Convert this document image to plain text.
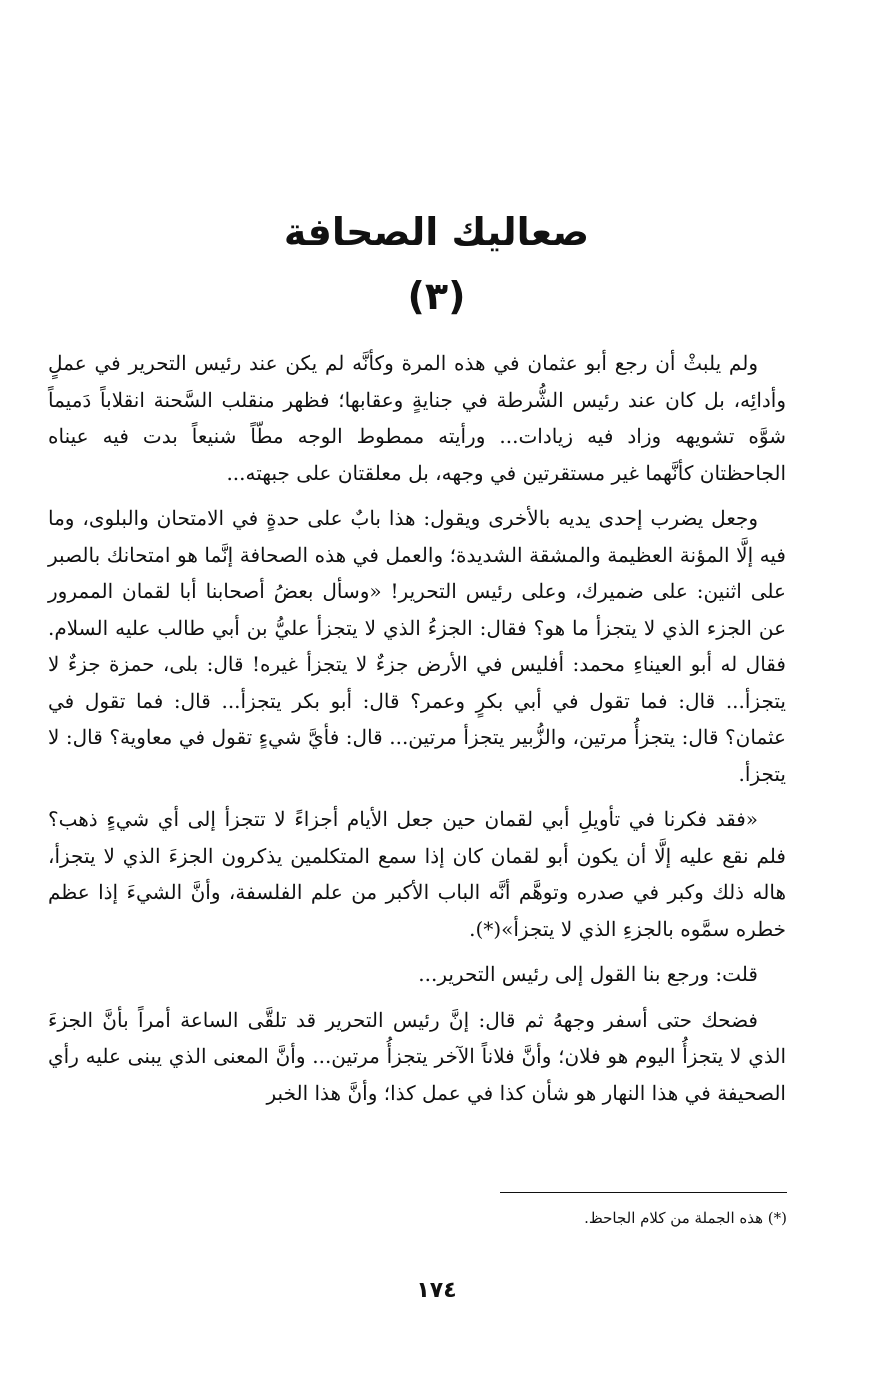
صعاليك الصحافة
(٣)

ولم يلبثْ أن رجع أبو عثمان في هذه المرة وكأنَّه لم يكن عند رئيس التحرير في عملٍ وأدائِه، بل كان عند رئيس الشُّرطة في جنايةٍ وعقابها؛ فظهر منقلب السَّحنة انقلاباً دَميماً شوَّه تشويهه وزاد فيه زيادات... ورأيته ممطوط الوجه مطّاً شنيعاً بدت فيه عيناه الجاحظتان كأنَّهما غير مستقرتين في وجهه، بل معلقتان على جبهته...

وجعل يضرب إحدى يديه بالأخرى ويقول: هذا بابٌ على حدةٍ في الامتحان والبلوى، وما فيه إلَّا المؤنة العظيمة والمشقة الشديدة؛ والعمل في هذه الصحافة إنَّما هو امتحانك بالصبر على اثنين: على ضميرك، وعلى رئيس التحرير! «وسأل بعضُ أصحابنا أبا لقمان الممرور عن الجزء الذي لا يتجزأ ما هو؟ فقال: الجزءُ الذي لا يتجزأ عليُّ بن أبي طالب عليه السلام. فقال له أبو العيناءِ محمد: أفليس في الأرض جزءٌ لا يتجزأ غيره! قال: بلى، حمزة جزءٌ لا يتجزأ... قال: فما تقول في أبي بكرٍ وعمر؟ قال: أبو بكر يتجزأ... قال: فما تقول في عثمان؟ قال: يتجزأُ مرتين، والزُّبير يتجزأ مرتين... قال: فأيَّ شيءٍ تقول في معاوية؟ قال: لا يتجزأ.

«فقد فكرنا في تأويلِ أبي لقمان حين جعل الأيام أجزاءً لا تتجزأ إلى أي شيءٍ ذهب؟ فلم نقع عليه إلَّا أن يكون أبو لقمان كان إذا سمع المتكلمين يذكرون الجزءَ الذي لا يتجزأ، هاله ذلك وكبر في صدره وتوهَّم أنَّه الباب الأكبر من علم الفلسفة، وأنَّ الشيءَ إذا عظم خطره سمَّوه بالجزءِ الذي لا يتجزأ»(*).

قلت: ورجع بنا القول إلى رئيس التحرير...

فضحك حتى أسفر وجههُ ثم قال: إنَّ رئيس التحرير قد تلقَّى الساعة أمراً بأنَّ الجزءَ الذي لا يتجزأُ اليوم هو فلان؛ وأنَّ فلاناً الآخر يتجزأُ مرتين... وأنَّ المعنى الذي يبنى عليه رأي الصحيفة في هذا النهار هو شأن كذا في عمل كذا؛ وأنَّ هذا الخبر

(*) هذه الجملة من كلام الجاحظ.
١٧٤
